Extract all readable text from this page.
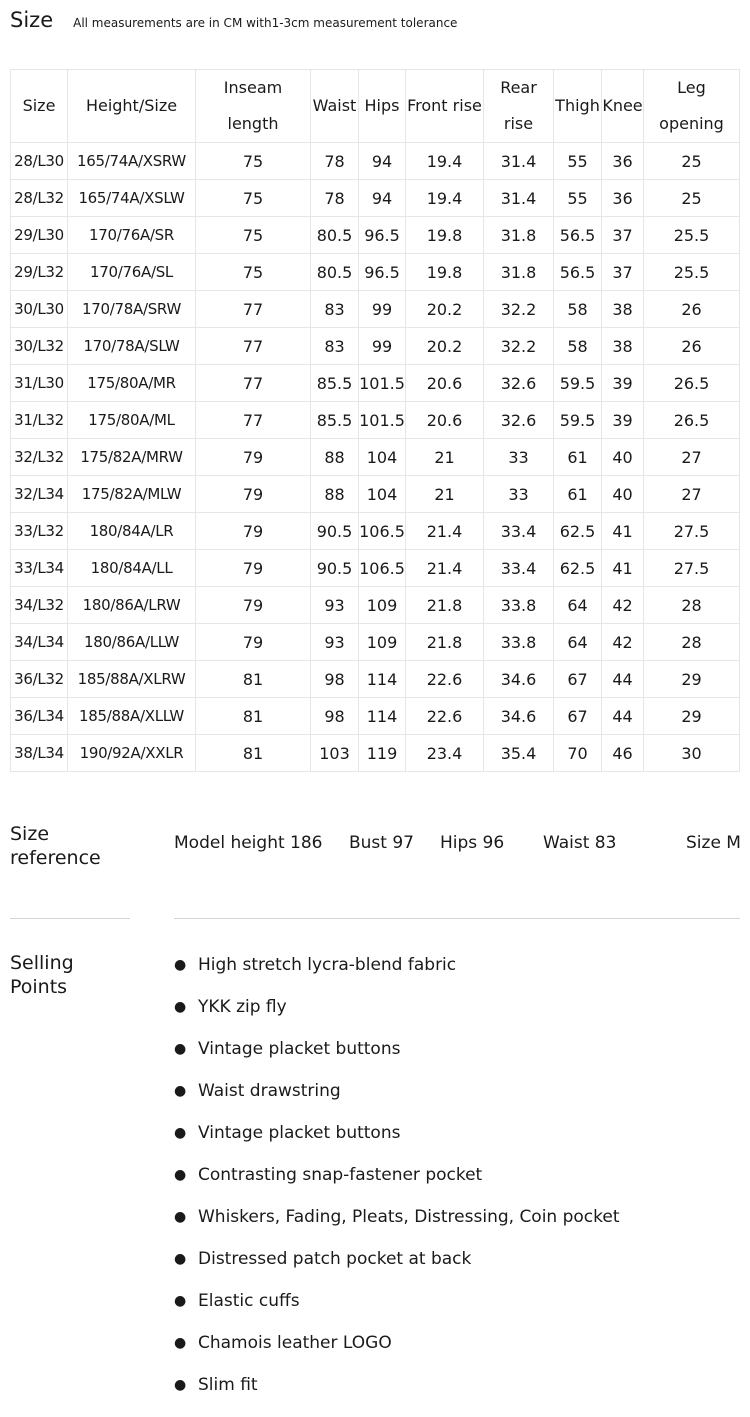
Size All measurements are in CM with1-3cm measurement tolerance
Size	Height/Size	Inseam length	Waist	Hips	Front rise	Rear rise	Thigh	Knee	Leg opening
28/L30	165/74A/XSRW	75	78	94	19.4	31.4	55	36	25
28/L32	165/74A/XSLW	75	78	94	19.4	31.4	55	36	25
29/L30	170/76A/SR	75	80.5	96.5	19.8	31.8	56.5	37	25.5
29/L32	170/76A/SL	75	80.5	96.5	19.8	31.8	56.5	37	25.5
30/L30	170/78A/SRW	77	83	99	20.2	32.2	58	38	26
30/L32	170/78A/SLW	77	83	99	20.2	32.2	58	38	26
31/L30	175/80A/MR	77	85.5	101.5	20.6	32.6	59.5	39	26.5
31/L32	175/80A/ML	77	85.5	101.5	20.6	32.6	59.5	39	26.5
32/L32	175/82A/MRW	79	88	104	21	33	61	40	27
32/L34	175/82A/MLW	79	88	104	21	33	61	40	27
33/L32	180/84A/LR	79	90.5	106.5	21.4	33.4	62.5	41	27.5
33/L34	180/84A/LL	79	90.5	106.5	21.4	33.4	62.5	41	27.5
34/L32	180/86A/LRW	79	93	109	21.8	33.8	64	42	28
34/L34	180/86A/LLW	79	93	109	21.8	33.8	64	42	28
36/L32	185/88A/XLRW	81	98	114	22.6	34.6	67	44	29
36/L34	185/88A/XLLW	81	98	114	22.6	34.6	67	44	29
38/L34	190/92A/XXLR	81	103	119	23.4	35.4	70	46	30
Size reference
Model height 186 Bust 97 Hips 96 Waist 83	Size M
Selling Points
● High stretch lycra-blend fabric
● YKK zip fly
● Vintage placket buttons
● Waist drawstring
● Vintage placket buttons
● Contrasting snap-fastener pocket
● Whiskers, Fading, Pleats, Distressing, Coin pocket
● Distressed patch pocket at back
● Elastic cuffs
● Chamois leather LOGO
● Slim fit
